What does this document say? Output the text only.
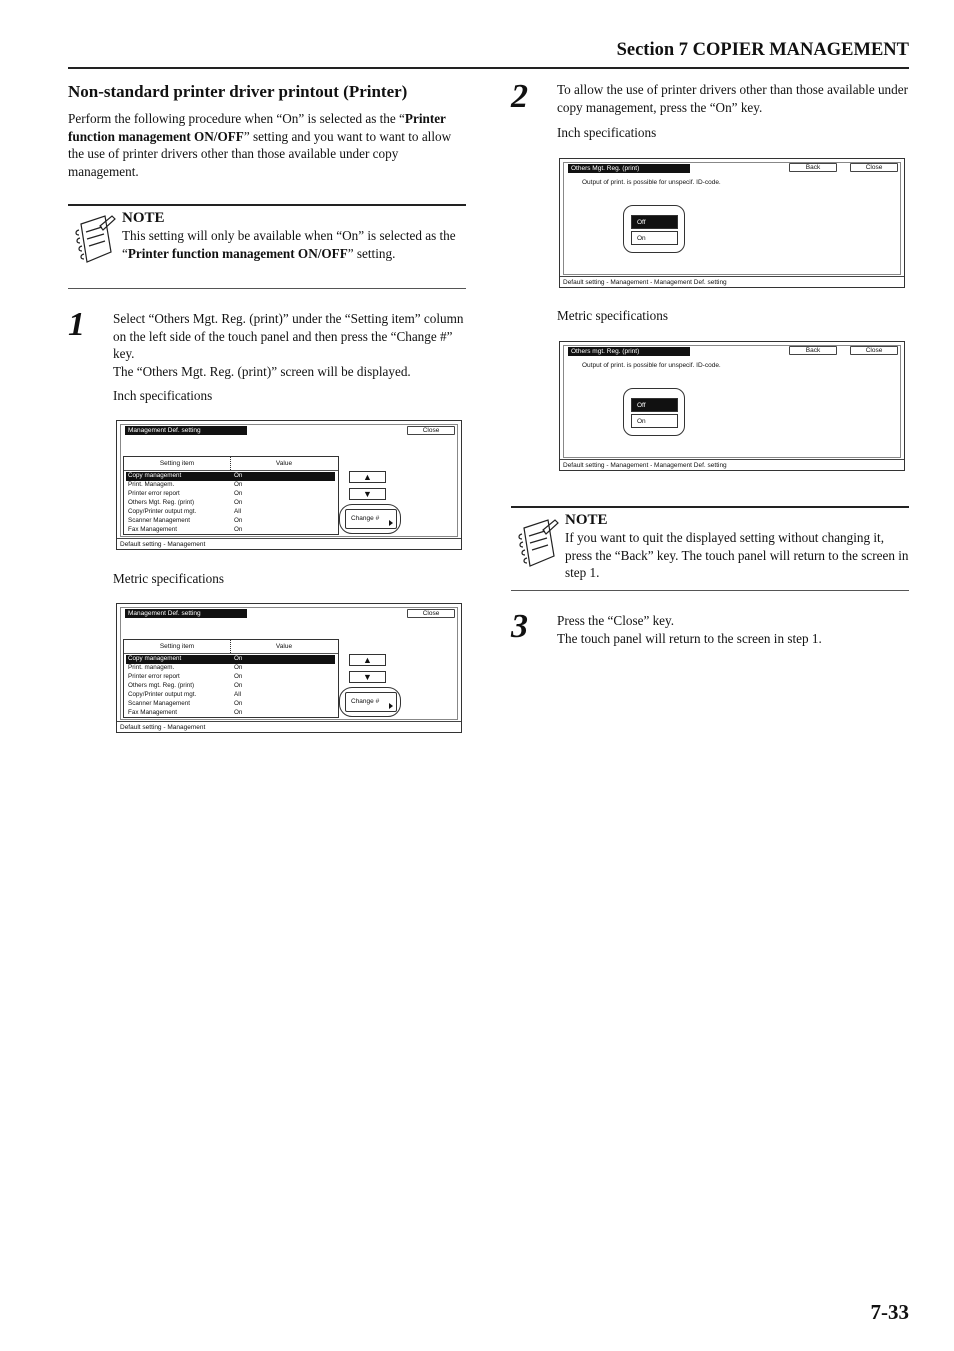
Section 7 COPIER MANAGEMENT
Non-standard printer driver printout (Printer)

Perform the following procedure when “On” is selected as the “Printer function management ON/OFF” setting and you want to want to allow the use of printer drivers other than those available under copy management.

NOTE
This setting will only be available when “On” is selected as the “Printer function management ON/OFF” setting.
1 Select “Others Mgt. Reg. (print)” under the “Setting item” column on the left side of the touch panel and then press the “Change #” key.

The “Others Mgt. Reg. (print)” screen will be displayed.

Inch specifications
Management Def. setting	Close
Setting item	Value
Copy management	On
Print. Managem.	On
Printer error report	On
Others Mgt. Reg. (print)	On
Copy/Printer output mgt.	All
Scanner Management	On
Fax Management	On
▲
▼
Change #
Default setting - Management
Metric specifications
Management Def. setting	Close
Setting item	Value
Copy management	On
Print. managem.	On
Printer error report	On
Others mgt. Reg. (print)	On
Copy/Printer output mgt.	All
Scanner Management	On
Fax Management	On
▲
▼
Change #
Default setting - Management
2 To allow the use of printer drivers other than those available under copy management, press the “On” key.
Inch specifications
Others Mgt. Reg. (print)	Back	Close
Output of print. is possible for unspecif. ID-code.
Off
On
Default setting - Management - Management Def. setting
Metric specifications
Others mgt. Reg. (print)	Back	Close
Output of print. is possible for unspecif. ID-code.
Off
On
Default setting - Management - Management Def. setting
NOTE
If you want to quit the displayed setting without changing it, press the “Back” key. The touch panel will return to the screen in step 1.
3 Press the “Close” key.

The touch panel will return to the screen in step 1.

7-33
